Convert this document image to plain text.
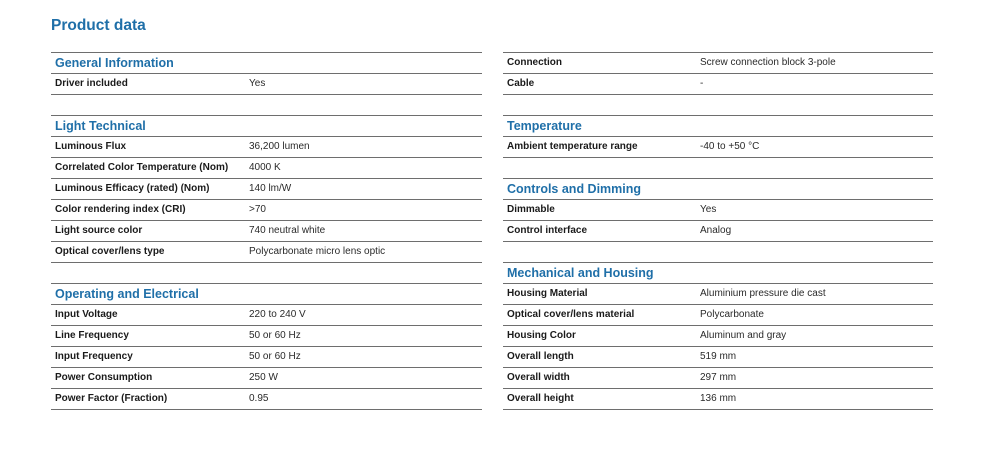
Product data
General Information
Driver included	Yes
Light Technical
Luminous Flux	36,200 lumen
Correlated Color Temperature (Nom)	4000 K
Luminous Efficacy (rated) (Nom)	140 lm/W
Color rendering index (CRI)	>70
Light source color	740 neutral white
Optical cover/lens type	Polycarbonate micro lens optic
Operating and Electrical
Input Voltage	220 to 240 V
Line Frequency	50 or 60 Hz
Input Frequency	50 or 60 Hz
Power Consumption	250 W
Power Factor (Fraction)	0.95
Connection	Screw connection block 3-pole
Cable	-
Temperature
Ambient temperature range	-40 to +50 °C
Controls and Dimming
Dimmable	Yes
Control interface	Analog
Mechanical and Housing
Housing Material	Aluminium pressure die cast
Optical cover/lens material	Polycarbonate
Housing Color	Aluminum and gray
Overall length	519 mm
Overall width	297 mm
Overall height	136 mm
